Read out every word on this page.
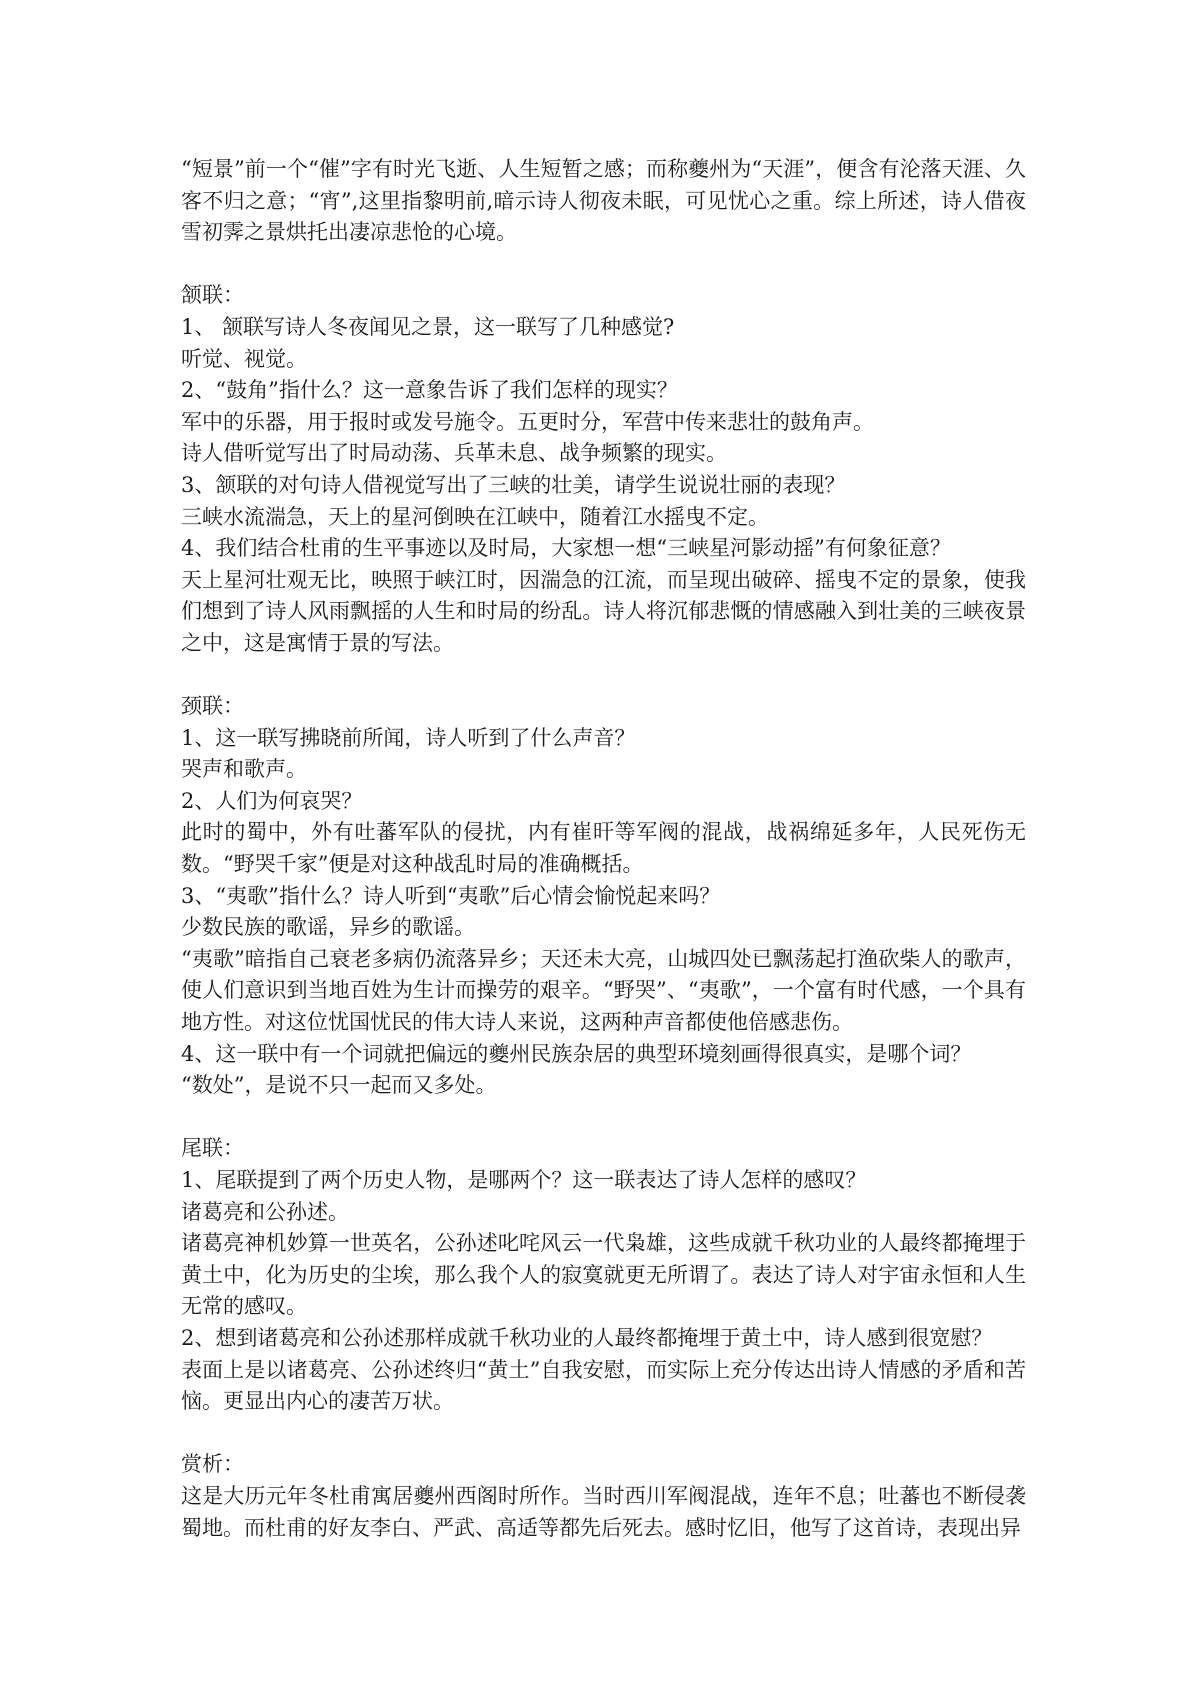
“短景”前一个“催”字有时光飞逝、人生短暂之感；而称夔州为“天涯”，便含有沦落天涯、久客不归之意；“宵”,这里指黎明前,暗示诗人彻夜未眠，可见忧心之重。综上所述，诗人借夜雪初霁之景烘托出凄凉悲怆的心境。

颔联：

1、 颔联写诗人冬夜闻见之景，这一联写了几种感觉?

听觉、视觉。

2、“鼓角”指什么？这一意象告诉了我们怎样的现实？

军中的乐器，用于报时或发号施令。五更时分，军营中传来悲壮的鼓角声。

诗人借听觉写出了时局动荡、兵革未息、战争频繁的现实。

3、颔联的对句诗人借视觉写出了三峡的壮美，请学生说说壮丽的表现？

三峡水流湍急，天上的星河倒映在江峡中，随着江水摇曳不定。

4、我们结合杜甫的生平事迹以及时局，大家想一想“三峡星河影动摇”有何象征意？

天上星河壮观无比，映照于峡江时，因湍急的江流，而呈现出破碎、摇曳不定的景象，使我们想到了诗人风雨飘摇的人生和时局的纷乱。诗人将沉郁悲慨的情感融入到壮美的三峡夜景之中，这是寓情于景的写法。

颈联：

1、这一联写拂晓前所闻，诗人听到了什么声音？

哭声和歌声。

2、人们为何哀哭？

此时的蜀中，外有吐蕃军队的侵扰，内有崔旰等军阀的混战，战祸绵延多年，人民死伤无数。“野哭千家”便是对这种战乱时局的准确概括。

3、“夷歌”指什么？诗人听到“夷歌”后心情会愉悦起来吗？

少数民族的歌谣，异乡的歌谣。

“夷歌”暗指自己衰老多病仍流落异乡；天还未大亮，山城四处已飘荡起打渔砍柴人的歌声，使人们意识到当地百姓为生计而操劳的艰辛。“野哭”、“夷歌”，一个富有时代感，一个具有地方性。对这位忧国忧民的伟大诗人来说，这两种声音都使他倍感悲伤。

4、这一联中有一个词就把偏远的夔州民族杂居的典型环境刻画得很真实，是哪个词？

“数处”，是说不只一起而又多处。

尾联：

1、尾联提到了两个历史人物，是哪两个？这一联表达了诗人怎样的感叹？

诸葛亮和公孙述。

诸葛亮神机妙算一世英名，公孙述叱咤风云一代枭雄，这些成就千秋功业的人最终都掩埋于黄土中，化为历史的尘埃，那么我个人的寂寞就更无所谓了。表达了诗人对宇宙永恒和人生无常的感叹。

2、想到诸葛亮和公孙述那样成就千秋功业的人最终都掩埋于黄土中，诗人感到很宽慰？

表面上是以诸葛亮、公孙述终归“黄土”自我安慰，而实际上充分传达出诗人情感的矛盾和苦恼。更显出内心的凄苦万状。

赏析：

这是大历元年冬杜甫寓居夔州西阁时所作。当时西川军阀混战，连年不息；吐蕃也不断侵袭蜀地。而杜甫的好友李白、严武、高适等都先后死去。感时忆旧，他写了这首诗，表现出异
